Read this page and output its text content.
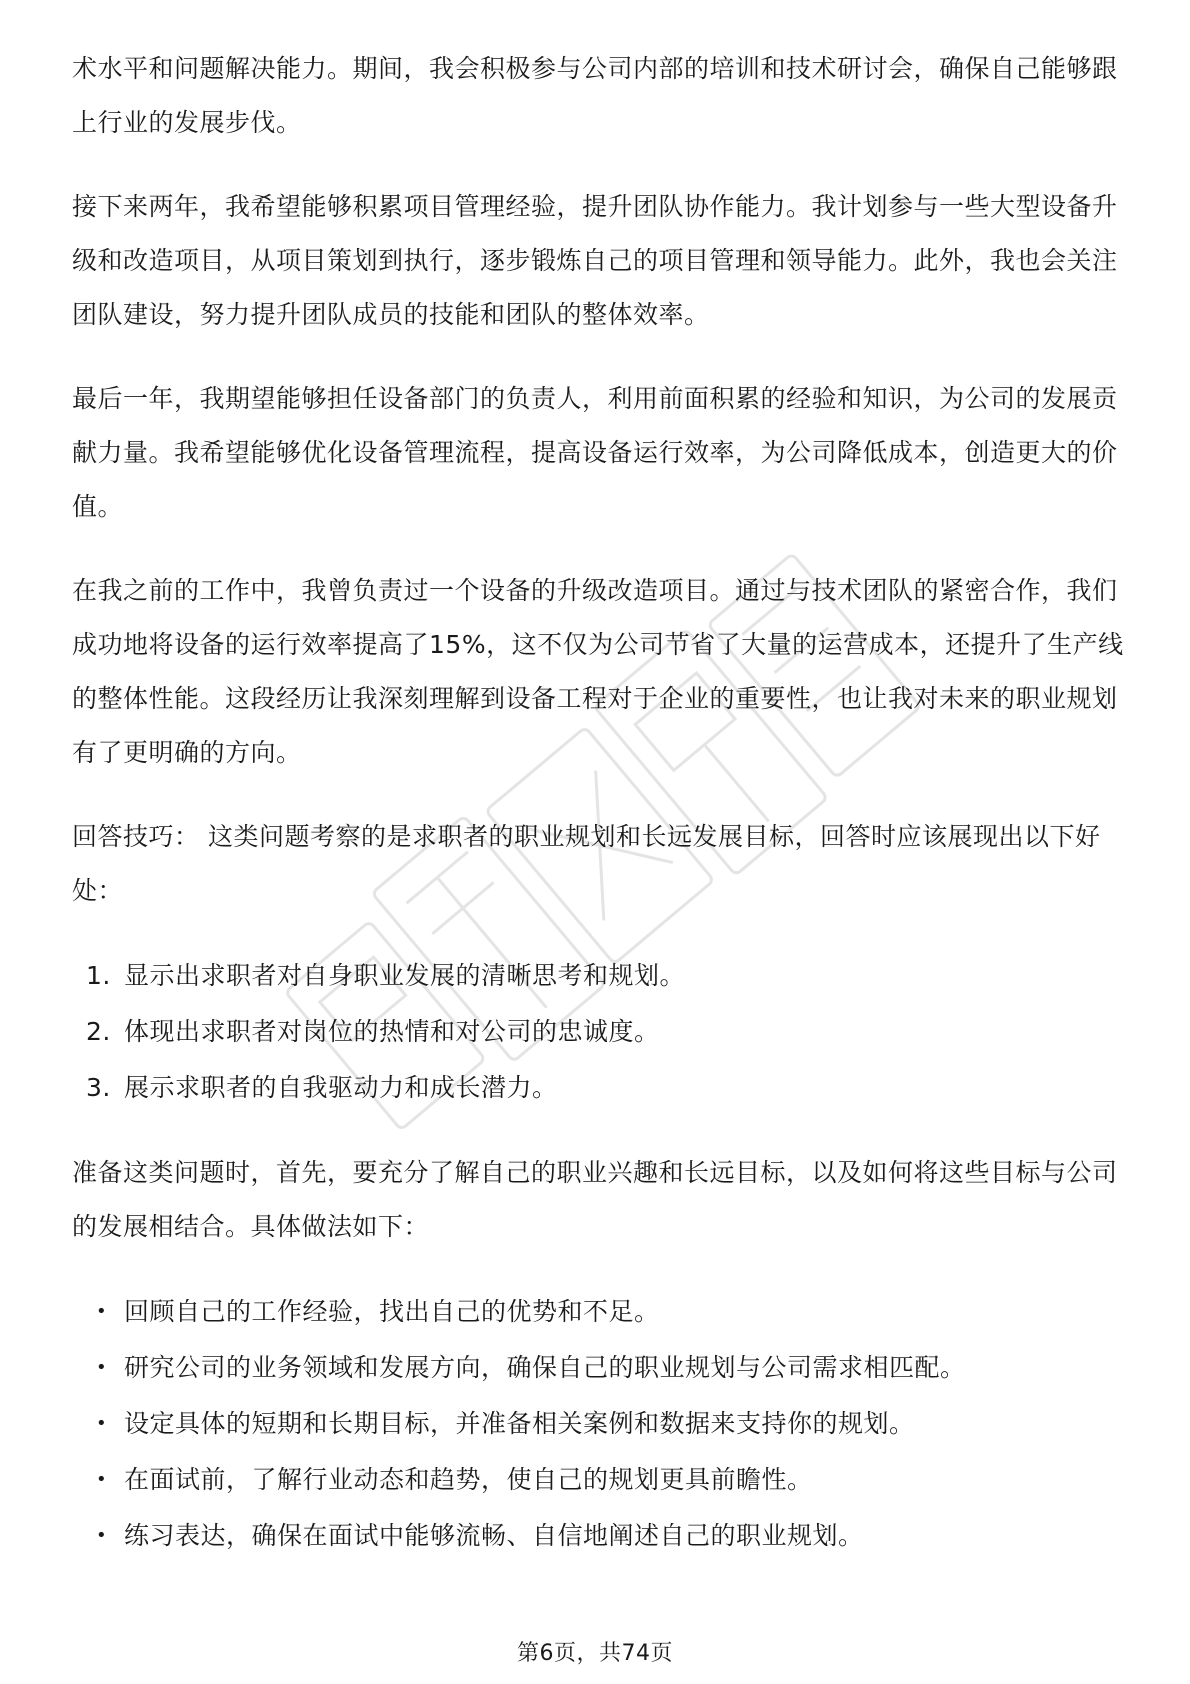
术水平和问题解决能力。期间，我会积极参与公司内部的培训和技术研讨会，确保自己能够跟上行业的发展步伐。

接下来两年，我希望能够积累项目管理经验，提升团队协作能力。我计划参与一些大型设备升级和改造项目，从项目策划到执行，逐步锻炼自己的项目管理和领导能力。此外，我也会关注团队建设，努力提升团队成员的技能和团队的整体效率。

最后一年，我期望能够担任设备部门的负责人，利用前面积累的经验和知识，为公司的发展贡献力量。我希望能够优化设备管理流程，提高设备运行效率，为公司降低成本，创造更大的价值。

在我之前的工作中，我曾负责过一个设备的升级改造项目。通过与技术团队的紧密合作，我们成功地将设备的运行效率提高了15%，这不仅为公司节省了大量的运营成本，还提升了生产线的整体性能。这段经历让我深刻理解到设备工程对于企业的重要性，也让我对未来的职业规划有了更明确的方向。

回答技巧： 这类问题考察的是求职者的职业规划和长远发展目标，回答时应该展现出以下好处：

1. 显示出求职者对自身职业发展的清晰思考和规划。
2. 体现出求职者对岗位的热情和对公司的忠诚度。
3. 展示求职者的自我驱动力和成长潜力。

准备这类问题时，首先，要充分了解自己的职业兴趣和长远目标，以及如何将这些目标与公司的发展相结合。具体做法如下：

• 回顾自己的工作经验，找出自己的优势和不足。
• 研究公司的业务领域和发展方向，确保自己的职业规划与公司需求相匹配。
• 设定具体的短期和长期目标，并准备相关案例和数据来支持你的规划。
• 在面试前，了解行业动态和趋势，使自己的规划更具前瞻性。
• 练习表达，确保在面试中能够流畅、自信地阐述自己的职业规划。
第6页，共74页
